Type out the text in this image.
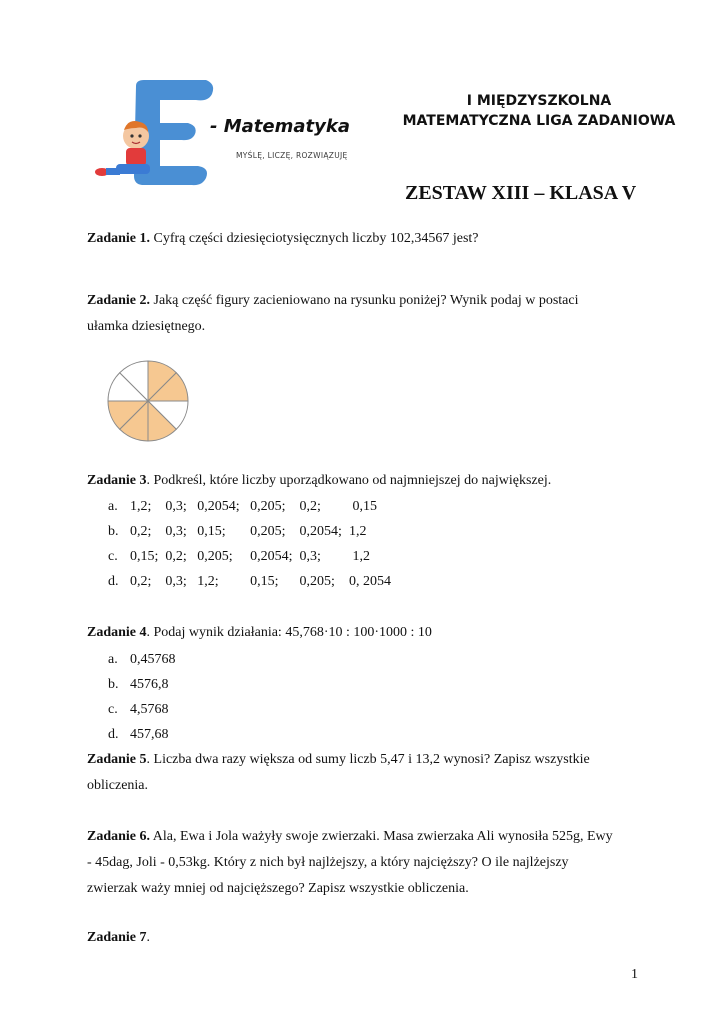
- Matematyka
MYŚLĘ, LICZĘ, ROZWIĄZUJĘ
I MIĘDZYSZKOLNA
MATEMATYCZNA LIGA ZADANIOWA
ZESTAW XIII – KLASA V
Zadanie 1. Cyfrą części dziesięciotysięcznych liczby 102,34567 jest?
Zadanie 2. Jaką część figury zacieniowano na rysunku poniżej? Wynik podaj w postaci
ułamka dziesiętnego.
Zadanie 3. Podkreśl, które liczby uporządkowano od najmniejszej do największej.
a. 1,2;    0,3;   0,2054;   0,205;    0,2;         0,15
b. 0,2;    0,3;   0,15;       0,205;    0,2054;  1,2
c. 0,15;  0,2;   0,205;     0,2054;  0,3;         1,2
d. 0,2;    0,3;   1,2;         0,15;      0,205;    0, 2054
Zadanie 4. Podaj wynik działania: 45,768·10 : 100·1000 : 10
a. 0,45768
b. 4576,8
c. 4,5768
d. 457,68
Zadanie 5. Liczba dwa razy większa od sumy liczb 5,47 i 13,2 wynosi? Zapisz wszystkie
obliczenia.
Zadanie 6. Ala, Ewa i Jola ważyły swoje zwierzaki. Masa zwierzaka Ali wynosiła 525g, Ewy
- 45dag, Joli - 0,53kg. Który z nich był najlżejszy, a który najcięższy? O ile najlżejszy
zwierzak waży mniej od najcięższego? Zapisz wszystkie obliczenia.
Zadanie 7.
1
